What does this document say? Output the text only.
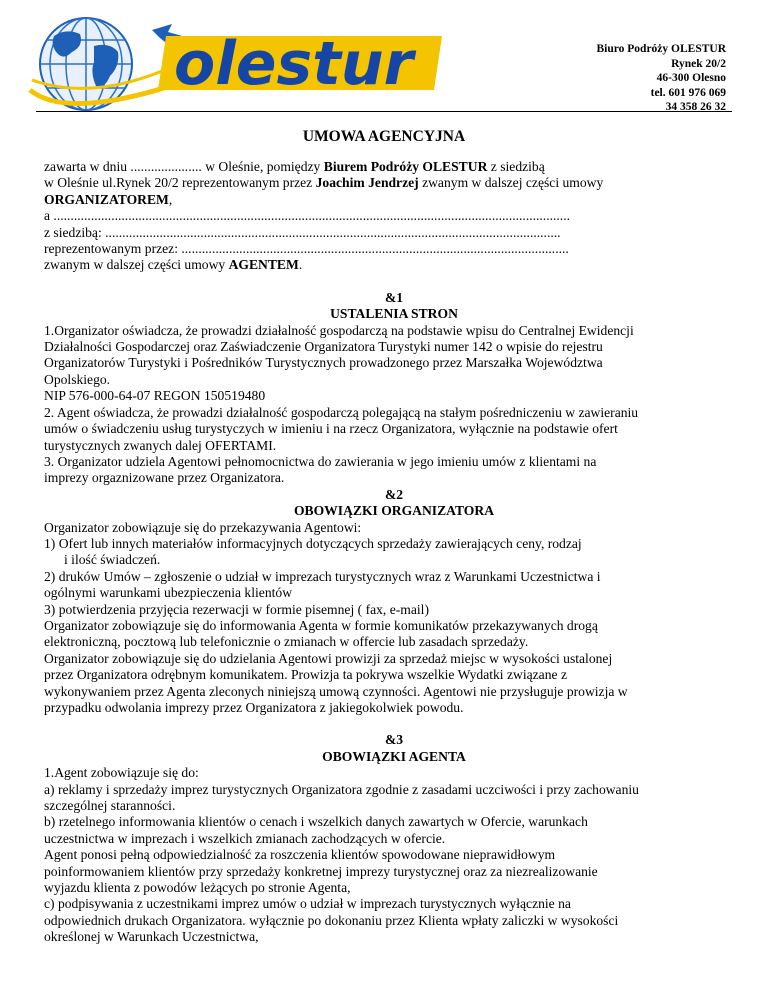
olestur	Biuro Podróży OLESTUR
Rynek 20/2
46-300 Olesno
tel. 601 976 069
34 358 26 32
UMOWA AGENCYJNA

zawarta w dniu ..................... w Oleśnie, pomiędzy Biurem Podróży OLESTUR z siedzibą

w Oleśnie ul.Rynek 20/2 reprezentowanym przez Joachim Jendrzej zwanym w dalszej części umowy

ORGANIZATOREM,

a ........................................................................................................................................................

z siedzibą: ......................................................................................................................................

reprezentowanym przez: ..................................................................................................................

zwanym w dalszej części umowy AGENTEM.

&1

USTALENIA STRON

1.Organizator oświadcza, że prowadzi działalność gospodarczą na podstawie wpisu do Centralnej Ewidencji

Działalności Gospodarczej oraz Zaświadczenie Organizatora Turystyki numer 142 o wpisie do rejestru

Organizatorów Turystyki i Pośredników Turystycznych prowadzonego przez Marszałka Województwa

Opolskiego.

NIP 576-000-64-07 REGON 150519480

2. Agent oświadcza, że prowadzi działalność gospodarczą polegającą na stałym pośredniczeniu w zawieraniu

umów o świadczeniu usług turystyczych w imieniu i na rzecz Organizatora, wyłącznie na podstawie ofert

turystycznych zwanych dalej OFERTAMI.

3. Organizator udziela Agentowi pełnomocnictwa do zawierania w jego imieniu umów z klientami na

imprezy orgaznizowane przez Organizatora.

&2

OBOWIĄZKI ORGANIZATORA

Organizator zobowiązuje się do przekazywania Agentowi:

1) Ofert lub innych materiałów informacyjnych dotyczących sprzedaży zawierających ceny, rodzaj

i ilość świadczeń.

2) druków Umów – zgłoszenie o udział w imprezach turystycznych wraz z Warunkami Uczestnictwa i

ogólnymi warunkami ubezpieczenia klientów

3) potwierdzenia przyjęcia rezerwacji w formie pisemnej ( fax, e-mail)

Organizator zobowiązuje się do informowania Agenta w formie komunikatów przekazywanych drogą

elektroniczną, pocztową lub telefonicznie o zmianach w offercie lub zasadach sprzedaży.

Organizator zobowiązuje się do udzielania Agentowi prowizji za sprzedaż miejsc w wysokości ustalonej

przez Organizatora odrębnym komunikatem. Prowizja ta pokrywa wszelkie Wydatki związane z

wykonywaniem przez Agenta zleconych niniejszą umową czynności. Agentowi nie przysługuje prowizja w

przypadku odwolania imprezy przez Organizatora z jakiegokolwiek powodu.

&3

OBOWIĄZKI AGENTA

1.Agent zobowiązuje się do:

a) reklamy i sprzedaży imprez turystycznych Organizatora zgodnie z zasadami uczciwości i przy zachowaniu

szczególnej staranności.

b) rzetelnego informowania klientów o cenach i wszelkich danych zawartych w Ofercie, warunkach

uczestnictwa w imprezach i wszelkich zmianach zachodzących w ofercie.

Agent ponosi pełną odpowiedzialność za roszczenia klientów spowodowane nieprawidłowym

poinformowaniem klientów przy sprzedaży konkretnej imprezy turystycznej oraz za niezrealizowanie

wyjazdu klienta z powodów leżących po stronie Agenta,

c) podpisywania z uczestnikami imprez umów o udział w imprezach turystycznych wyłącznie na

odpowiednich drukach Organizatora. wyłącznie po dokonaniu przez Klienta wpłaty zaliczki w wysokości

określonej w Warunkach Uczestnictwa,
